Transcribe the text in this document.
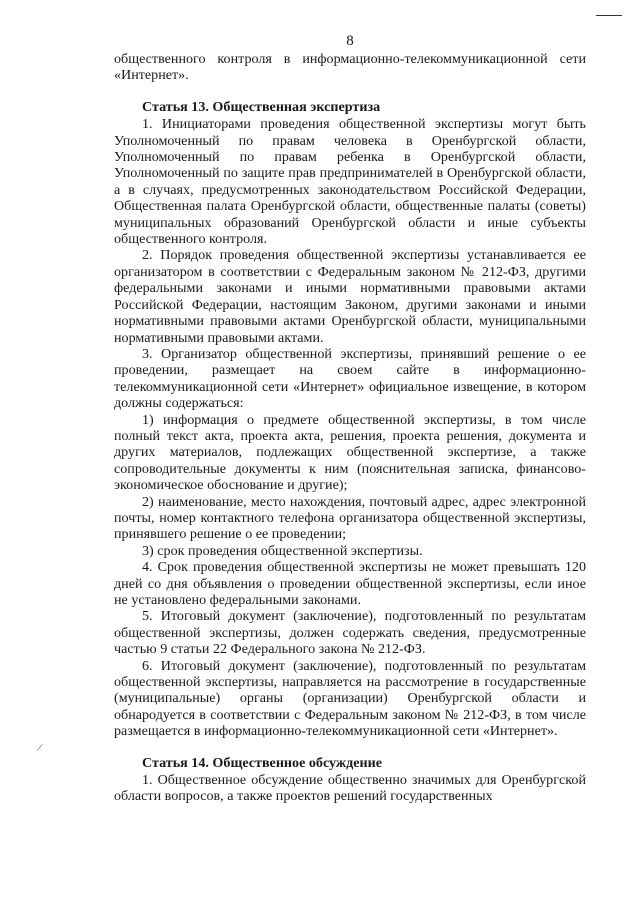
8
/

общественного контроля в информационно-телекоммуникационной сети «Интернет».

Статья 13. Общественная экспертиза

1. Инициаторами проведения общественной экспертизы могут быть Уполномоченный по правам человека в Оренбургской области, Уполномоченный по правам ребенка в Оренбургской области, Уполномоченный по защите прав предпринимателей в Оренбургской области, а в случаях, предусмотренных законодательством Российской Федерации, Общественная палата Оренбургской области, общественные палаты (советы) муниципальных образований Оренбургской области и иные субъекты общественного контроля.

2. Порядок проведения общественной экспертизы устанавливается ее организатором в соответствии с Федеральным законом № 212-ФЗ, другими федеральными законами и иными нормативными правовыми актами Российской Федерации, настоящим Законом, другими законами и иными нормативными правовыми актами Оренбургской области, муниципальными нормативными правовыми актами.

3. Организатор общественной экспертизы, принявший решение о ее проведении, размещает на своем сайте в информационно-телекоммуникационной сети «Интернет» официальное извещение, в котором должны содержаться:

1) информация о предмете общественной экспертизы, в том числе полный текст акта, проекта акта, решения, проекта решения, документа и других материалов, подлежащих общественной экспертизе, а также сопроводительные документы к ним (пояснительная записка, финансово-экономическое обоснование и другие);

2) наименование, место нахождения, почтовый адрес, адрес электронной почты, номер контактного телефона организатора общественной экспертизы, принявшего решение о ее проведении;

3) срок проведения общественной экспертизы.

4. Срок проведения общественной экспертизы не может превышать 120 дней со дня объявления о проведении общественной экспертизы, если иное не установлено федеральными законами.

5. Итоговый документ (заключение), подготовленный по результатам общественной экспертизы, должен содержать сведения, предусмотренные частью 9 статьи 22 Федерального закона № 212-ФЗ.

6. Итоговый документ (заключение), подготовленный по результатам общественной экспертизы, направляется на рассмотрение в государственные (муниципальные) органы (организации) Оренбургской области и обнародуется в соответствии с Федеральным законом № 212-ФЗ, в том числе размещается в информационно-телекоммуникационной сети «Интернет».

Статья 14. Общественное обсуждение

1. Общественное обсуждение общественно значимых для Оренбургской области вопросов, а также проектов решений государственных
